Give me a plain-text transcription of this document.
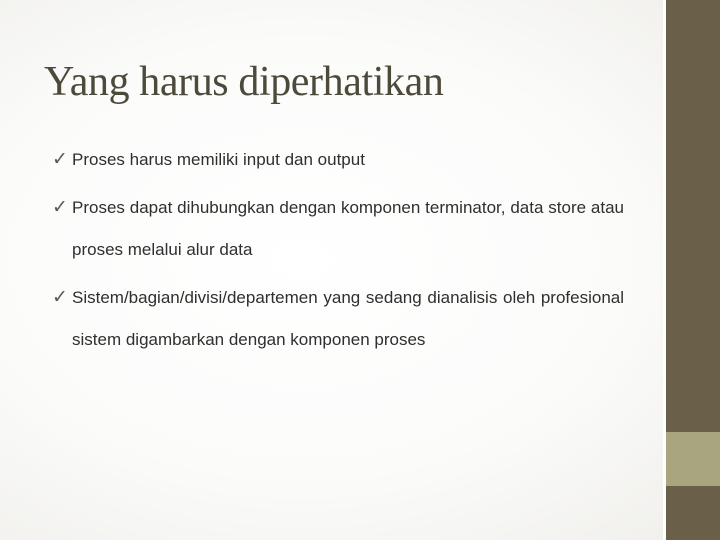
Yang harus diperhatikan
✓ Proses harus memiliki input dan output
✓ Proses dapat dihubungkan dengan komponen terminator, data store atau proses melalui alur data
✓ Sistem/bagian/divisi/departemen yang sedang dianalisis oleh profesional sistem digambarkan dengan komponen proses
